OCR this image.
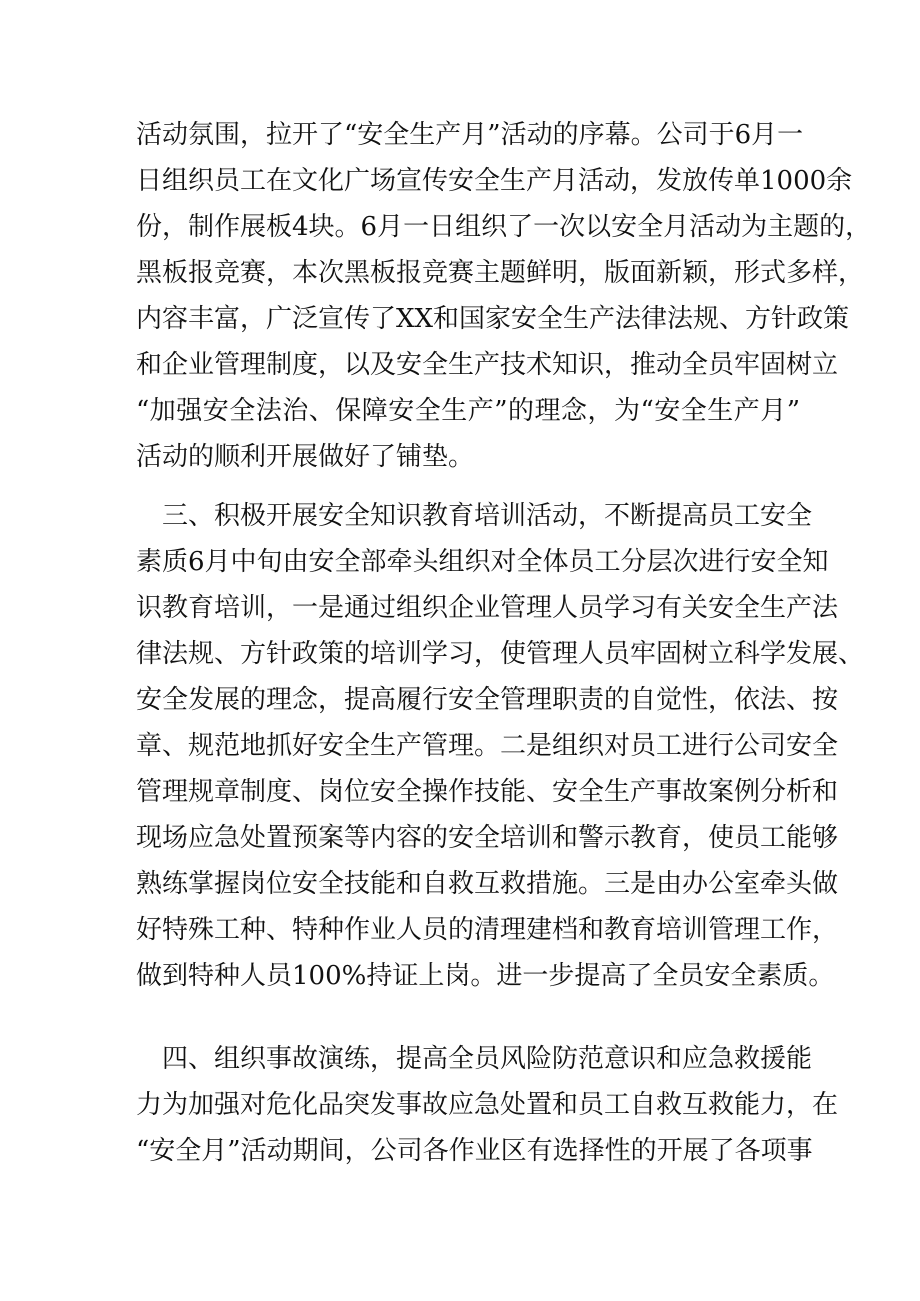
活动氛围，拉开了“安全生产月”活动的序幕。公司于6月一
日组织员工在文化广场宣传安全生产月活动，发放传单1000余
份，制作展板4块。6月一日组织了一次以安全月活动为主题的，
黑板报竞赛，本次黑板报竞赛主题鲜明，版面新颖，形式多样，
内容丰富，广泛宣传了XX和国家安全生产法律法规、方针政策
和企业管理制度，以及安全生产技术知识，推动全员牢固树立
“加强安全法治、保障安全生产”的理念，为“安全生产月”
活动的顺利开展做好了铺垫。
　三、积极开展安全知识教育培训活动，不断提高员工安全
素质6月中旬由安全部牵头组织对全体员工分层次进行安全知
识教育培训，一是通过组织企业管理人员学习有关安全生产法
律法规、方针政策的培训学习，使管理人员牢固树立科学发展、
安全发展的理念，提高履行安全管理职责的自觉性，依法、按
章、规范地抓好安全生产管理。二是组织对员工进行公司安全
管理规章制度、岗位安全操作技能、安全生产事故案例分析和
现场应急处置预案等内容的安全培训和警示教育，使员工能够
熟练掌握岗位安全技能和自救互救措施。三是由办公室牵头做
好特殊工种、特种作业人员的清理建档和教育培训管理工作，
做到特种人员100%持证上岗。进一步提高了全员安全素质。
　四、组织事故演练，提高全员风险防范意识和应急救援能
力为加强对危化品突发事故应急处置和员工自救互救能力，在
“安全月”活动期间，公司各作业区有选择性的开展了各项事
